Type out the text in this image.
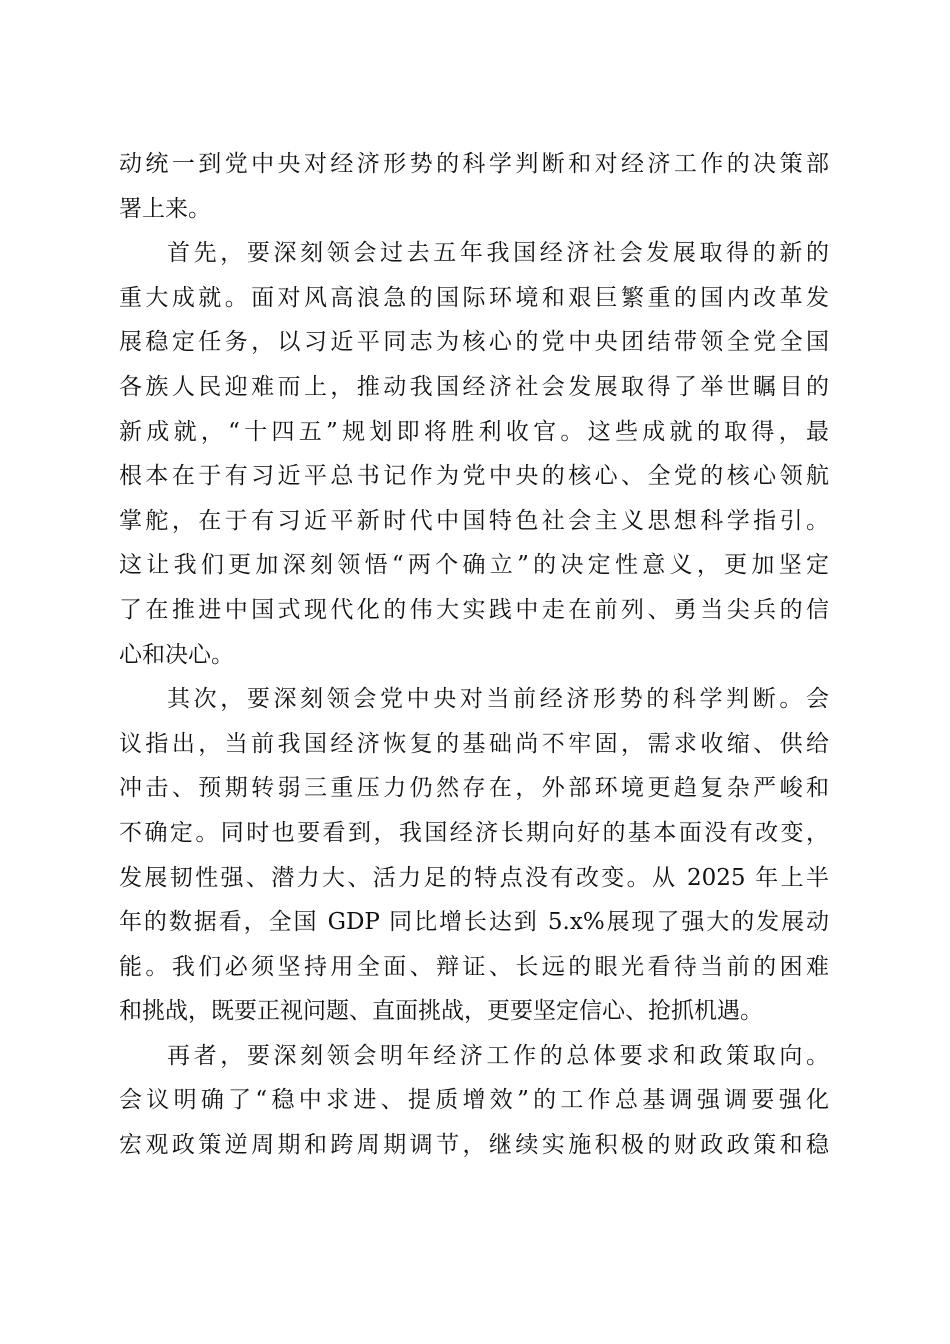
动统一到党中央对经济形势的科学判断和对经济工作的决策部
署上来。
首先，要深刻领会过去五年我国经济社会发展取得的新的
重大成就。面对风高浪急的国际环境和艰巨繁重的国内改革发
展稳定任务，以习近平同志为核心的党中央团结带领全党全国
各族人民迎难而上，推动我国经济社会发展取得了举世瞩目的
新成就，“十四五”规划即将胜利收官。这些成就的取得，最
根本在于有习近平总书记作为党中央的核心、全党的核心领航
掌舵，在于有习近平新时代中国特色社会主义思想科学指引。
这让我们更加深刻领悟“两个确立”的决定性意义，更加坚定
了在推进中国式现代化的伟大实践中走在前列、勇当尖兵的信
心和决心。
其次，要深刻领会党中央对当前经济形势的科学判断。会
议指出，当前我国经济恢复的基础尚不牢固，需求收缩、供给
冲击、预期转弱三重压力仍然存在，外部环境更趋复杂严峻和
不确定。同时也要看到，我国经济长期向好的基本面没有改变，
发展韧性强、潜力大、活力足的特点没有改变。从 2025 年上半
年的数据看，全国 GDP 同比增长达到 5.x%展现了强大的发展动
能。我们必须坚持用全面、辩证、长远的眼光看待当前的困难
和挑战，既要正视问题、直面挑战，更要坚定信心、抢抓机遇。
再者，要深刻领会明年经济工作的总体要求和政策取向。
会议明确了“稳中求进、提质增效”的工作总基调强调要强化
宏观政策逆周期和跨周期调节，继续实施积极的财政政策和稳
